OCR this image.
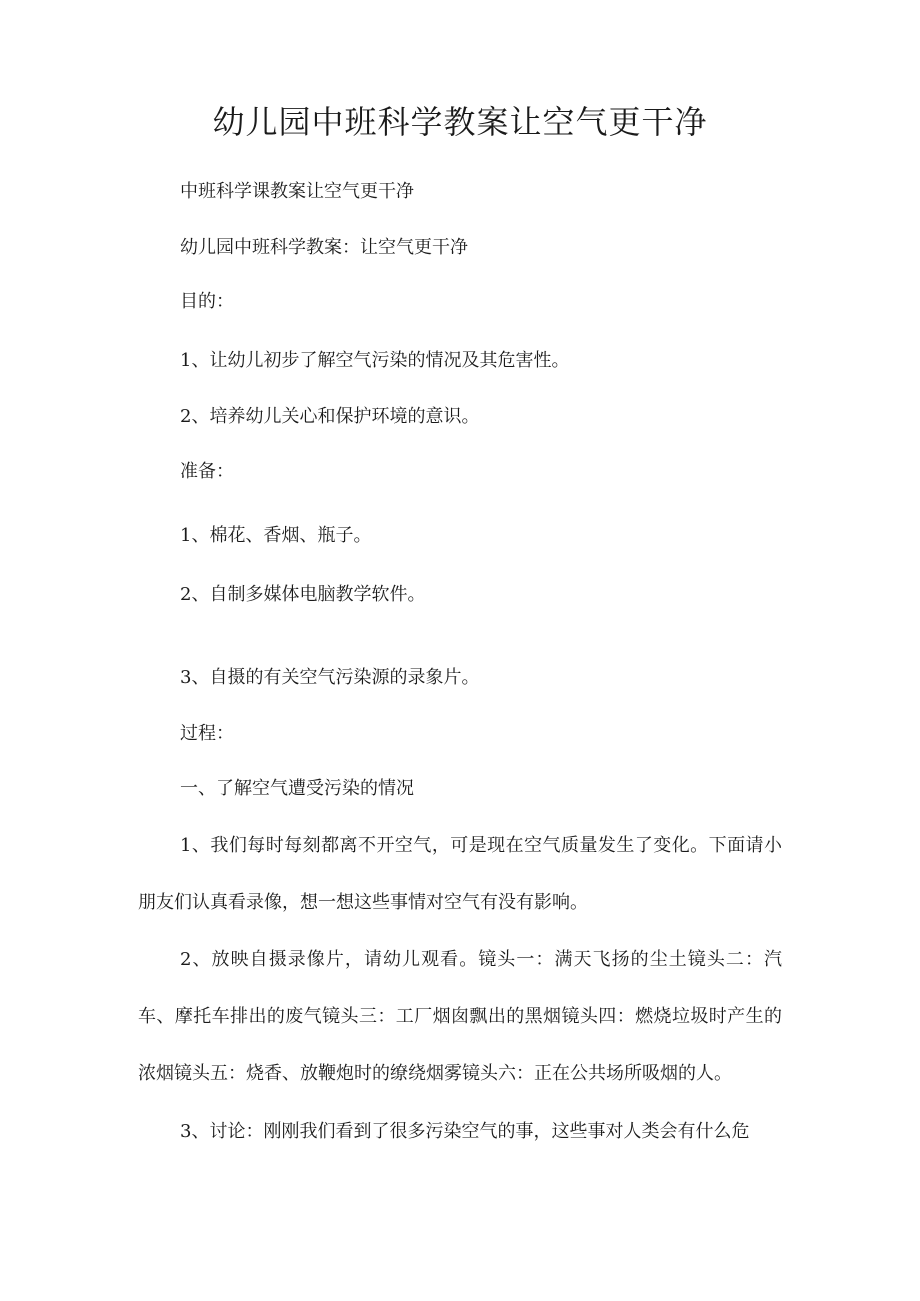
幼儿园中班科学教案让空气更干净

中班科学课教案让空气更干净

幼儿园中班科学教案：让空气更干净

目的：

1、让幼儿初步了解空气污染的情况及其危害性。

2、培养幼儿关心和保护环境的意识。

准备：

1、棉花、香烟、瓶子。

2、自制多媒体电脑教学软件。

3、自摄的有关空气污染源的录象片。

过程：

一、了解空气遭受污染的情况

1、我们每时每刻都离不开空气，可是现在空气质量发生了变化。下面请小朋友们认真看录像，想一想这些事情对空气有没有影响。

2、放映自摄录像片，请幼儿观看。镜头一：满天飞扬的尘土镜头二：汽车、摩托车排出的废气镜头三：工厂烟囱飘出的黑烟镜头四：燃烧垃圾时产生的浓烟镜头五：烧香、放鞭炮时的缭绕烟雾镜头六：正在公共场所吸烟的人。

3、讨论：刚刚我们看到了很多污染空气的事，这些事对人类会有什么危
